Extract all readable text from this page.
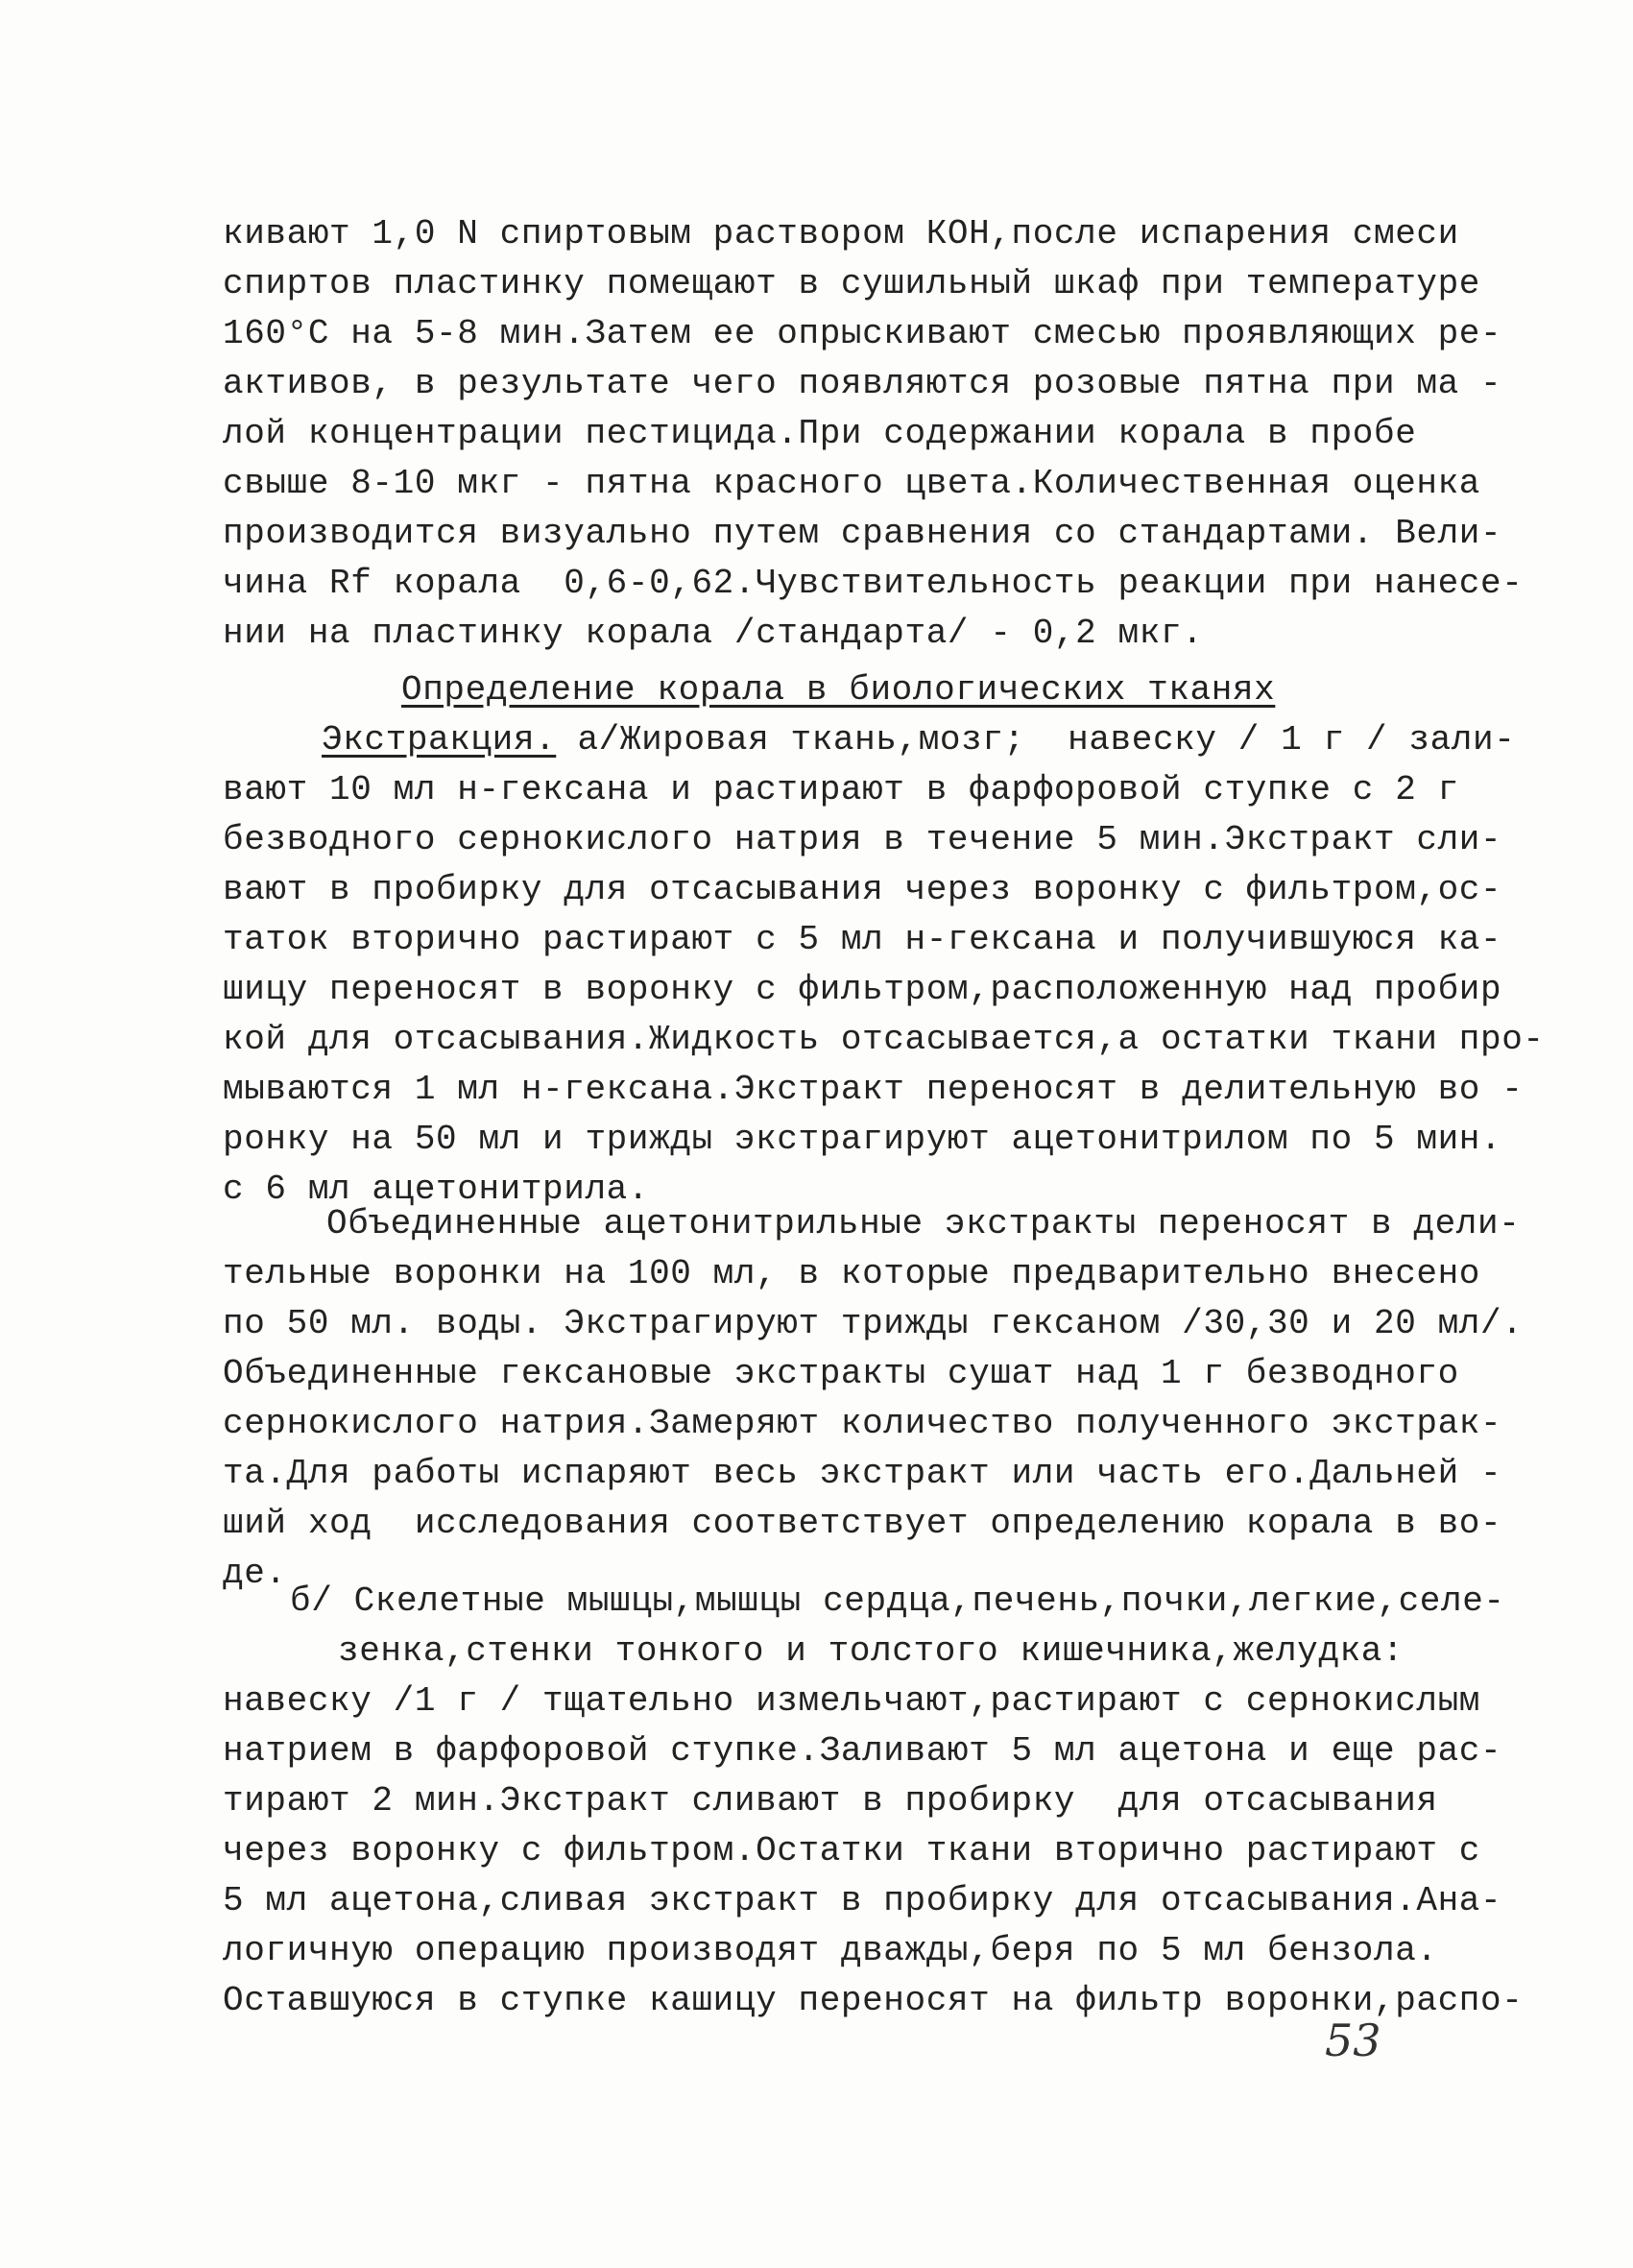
кивают 1,0 N спиртовым раствором КОН,после испарения смеси
спиртов пластинку помещают в сушильный шкаф при температуре
160°С на 5-8 мин.Затем ее опрыскивают смесью проявляющих ре-
активов, в результате чего появляются розовые пятна при ма -
лой концентрации пестицида.При содержании корала в пробе
свыше 8-10 мкг - пятна красного цвета.Количественная оценка
производится визуально путем сравнения со стандартами. Вели-
чина Rf корала  0,6-0,62.Чувствительность реакции при нанесе-
нии на пластинку корала /стандарта/ - 0,2 мкг.
Определение корала в биологических тканях
Экстракция. а/Жировая ткань,мозг;  навеску / 1 г / зали-
вают 10 мл н-гексана и растирают в фарфоровой ступке с 2 г
безводного сернокислого натрия в течение 5 мин.Экстракт сли-
вают в пробирку для отсасывания через воронку с фильтром,ос-
таток вторично растирают с 5 мл н-гексана и получившуюся ка-
шицу переносят в воронку с фильтром,расположенную над пробир
кой для отсасывания.Жидкость отсасывается,а остатки ткани про-
мываются 1 мл н-гексана.Экстракт переносят в делительную во -
ронку на 50 мл и трижды экстрагируют ацетонитрилом по 5 мин.
с 6 мл ацетонитрила.
Объединенные ацетонитрильные экстракты переносят в дели-
тельные воронки на 100 мл, в которые предварительно внесено
по 50 мл. воды. Экстрагируют трижды гексаном /30,30 и 20 мл/.
Объединенные гексановые экстракты сушат над 1 г безводного
сернокислого натрия.Замеряют количество полученного экстрак-
та.Для работы испаряют весь экстракт или часть его.Дальней -
ший ход  исследования соответствует определению корала в во-
де.
б/ Скелетные мышцы,мышцы сердца,печень,почки,легкие,селе-
зенка,стенки тонкого и толстого кишечника,желудка:
навеску /1 г / тщательно измельчают,растирают с сернокислым
натрием в фарфоровой ступке.Заливают 5 мл ацетона и еще рас-
тирают 2 мин.Экстракт сливают в пробирку  для отсасывания
через воронку с фильтром.Остатки ткани вторично растирают с
5 мл ацетона,сливая экстракт в пробирку для отсасывания.Ана-
логичную операцию производят дважды,беря по 5 мл бензола.
Оставшуюся в ступке кашицу переносят на фильтр воронки,распо-
53
